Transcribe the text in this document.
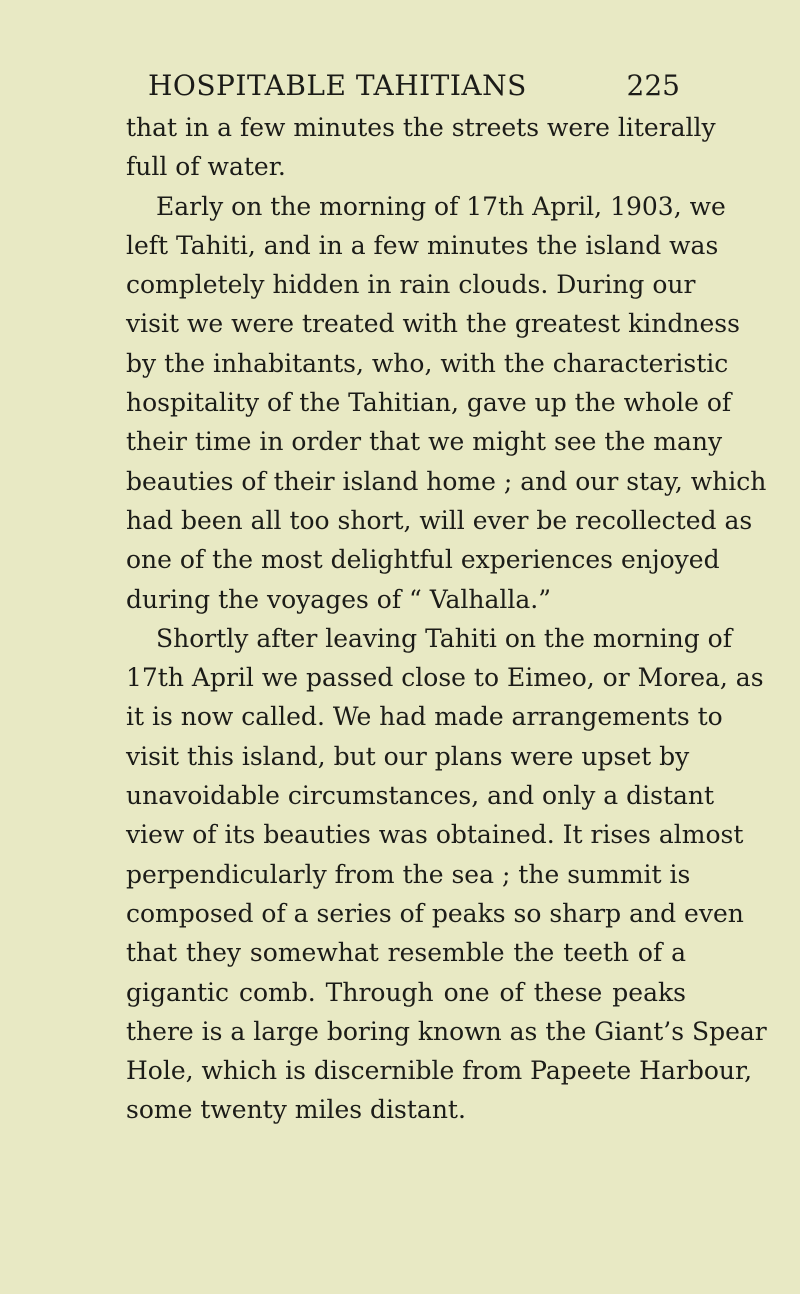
HOSPITABLE TAHITIANS	225
that in a few minutes the streets were literally
full of water.
Early on the morning of 17th April, 1903, we
left Tahiti, and in a few minutes the island was
completely hidden in rain clouds. During our
visit we were treated with the greatest kindness
by the inhabitants, who, with the characteristic
hospitality of the Tahitian, gave up the whole of
their time in order that we might see the many
beauties of their island home ; and our stay, which
had been all too short, will ever be recollected as
one of the most delightful experiences enjoyed
during the voyages of “ Valhalla.”
Shortly after leaving Tahiti on the morning of
17th April we passed close to Eimeo, or Morea, as
it is now called. We had made arrangements to
visit this island, but our plans were upset by
unavoidable circumstances, and only a distant
view of its beauties was obtained. It rises almost
perpendicularly from the sea ; the summit is
composed of a series of peaks so sharp and even
that they somewhat resemble the teeth of a
gigantic comb. Through one of these peaks
there is a large boring known as the Giant’s Spear
Hole, which is discernible from Papeete Harbour,
some twenty miles distant.
